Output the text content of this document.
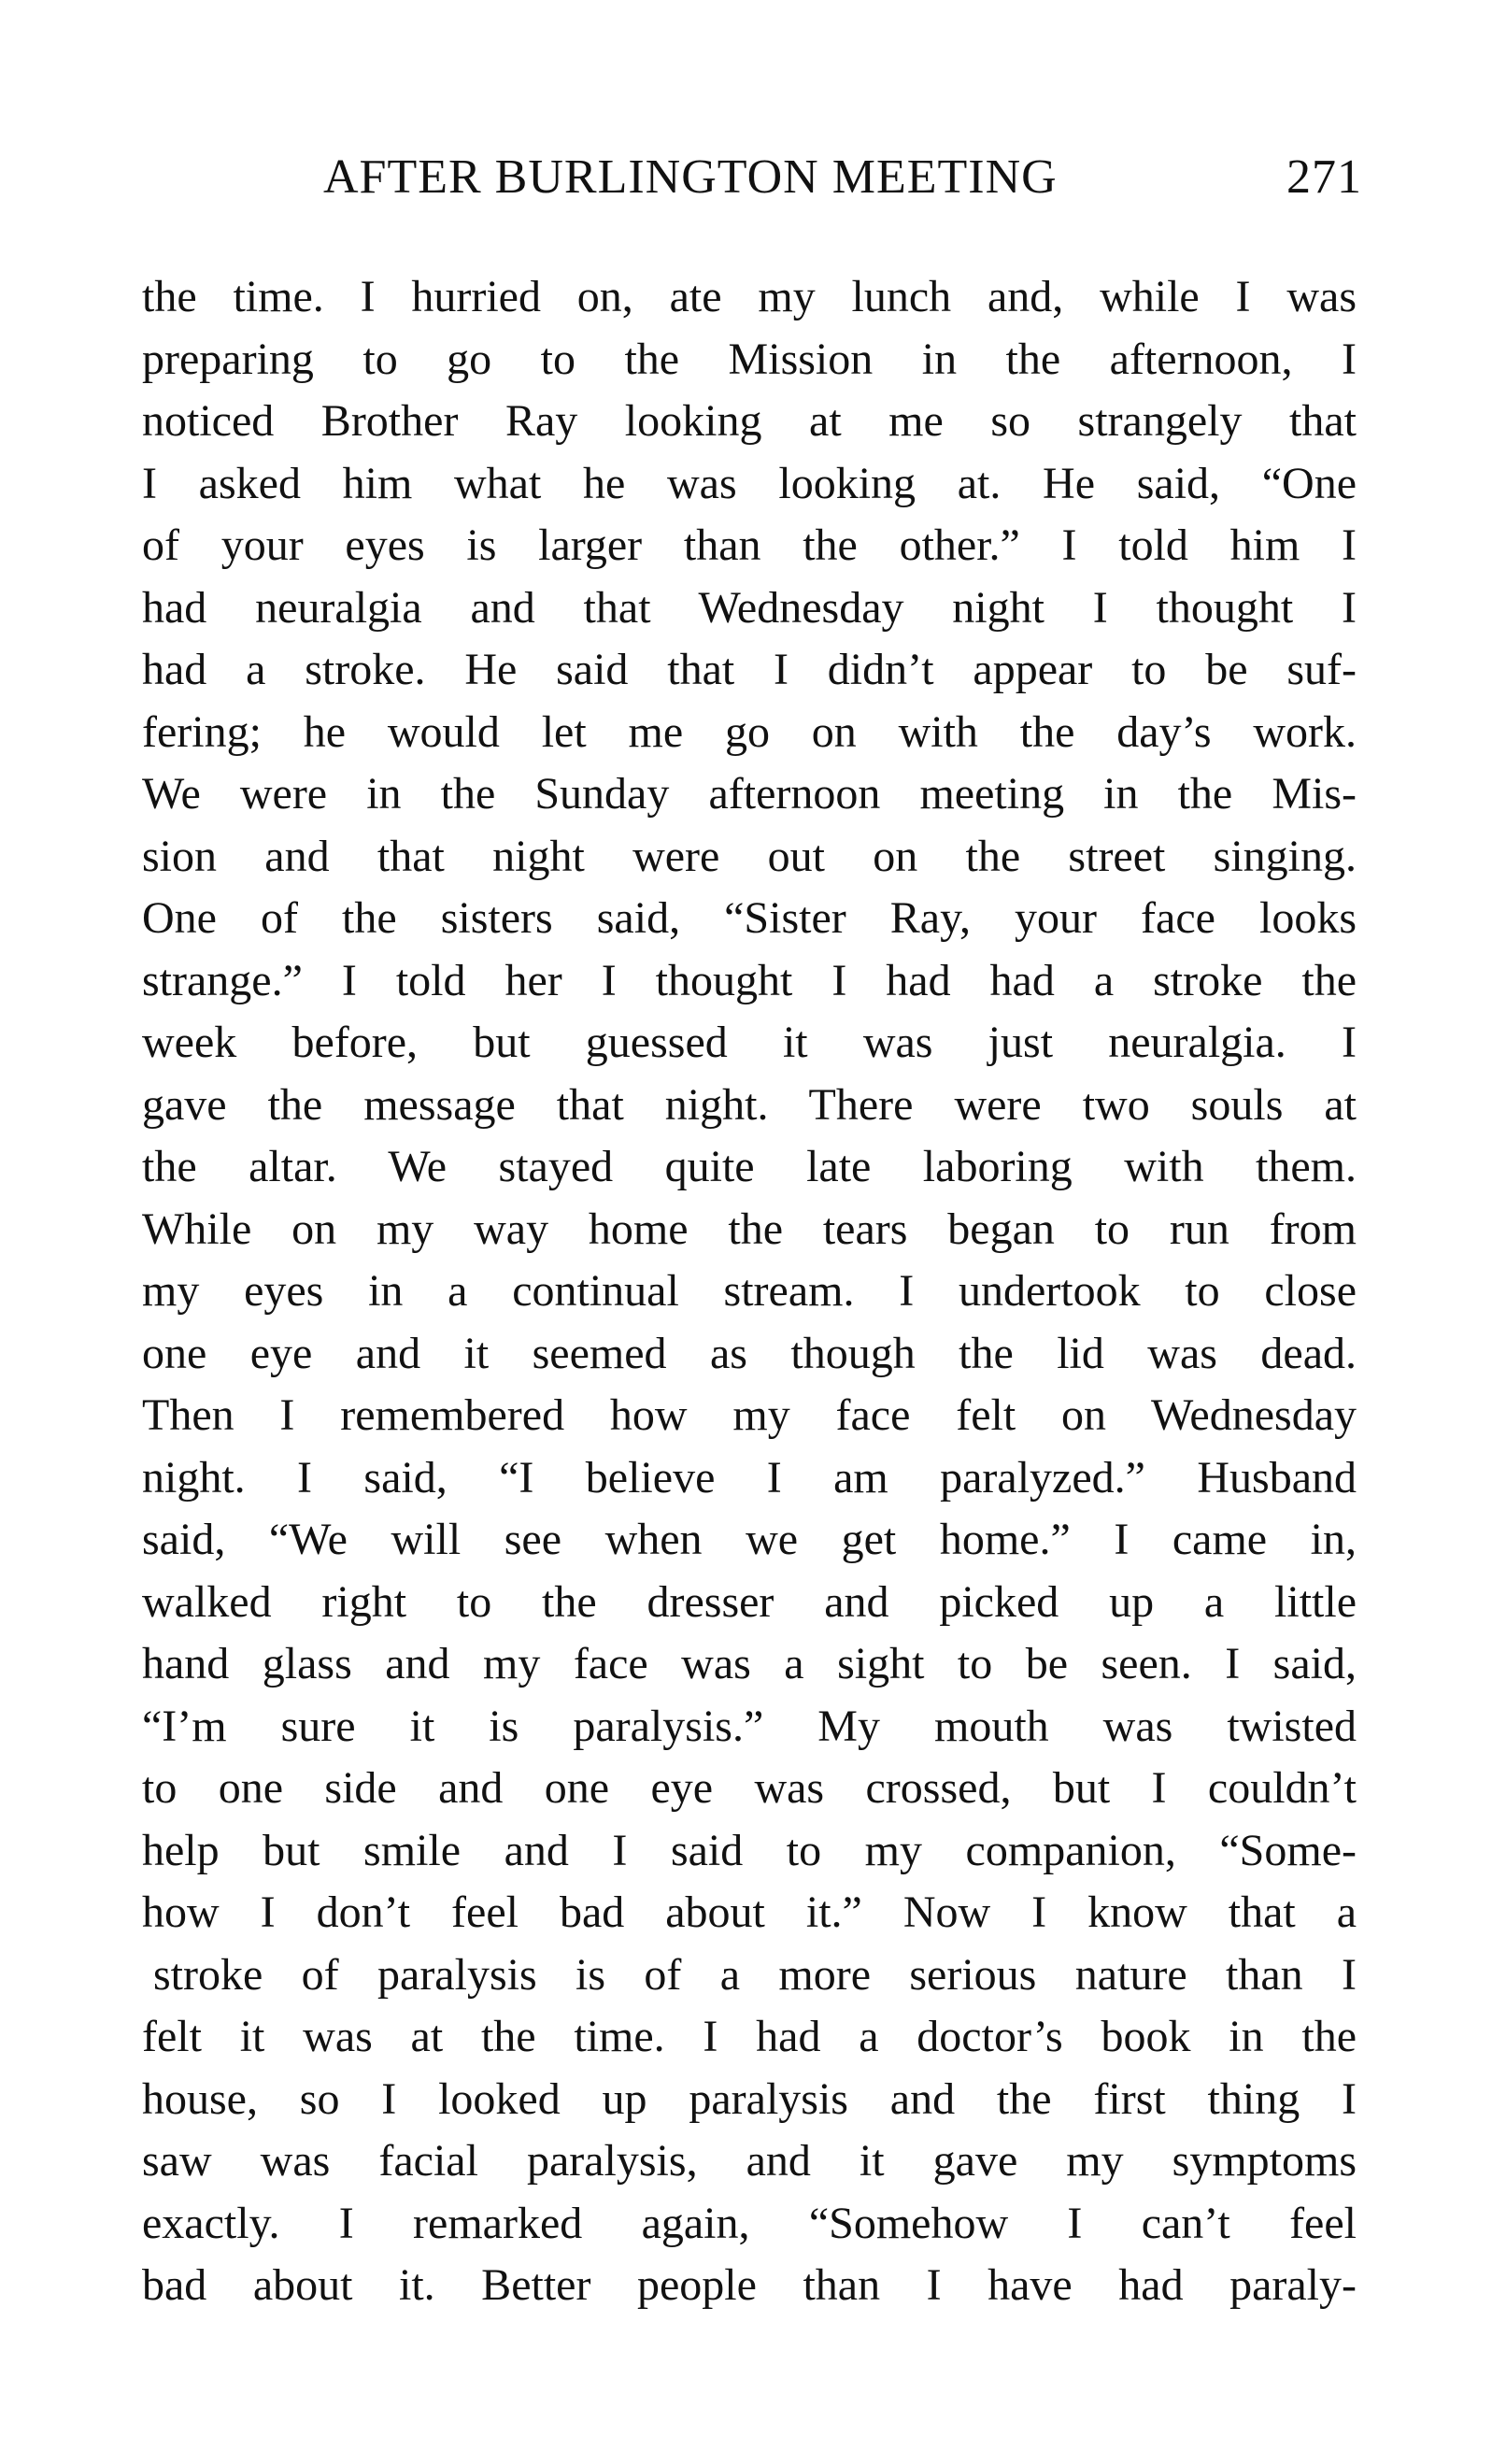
AFTER BURLINGTON MEETING	271
the time. I hurried on, ate my lunch and, while I was
preparing to go to the Mission in the afternoon, I
noticed Brother Ray looking at me so strangely that
I asked him what he was looking at. He said, “One
of your eyes is larger than the other.” I told him I
had neuralgia and that Wednesday night I thought I
had a stroke. He said that I didn’t appear to be suf-
fering; he would let me go on with the day’s work.
We were in the Sunday afternoon meeting in the Mis-
sion and that night were out on the street singing.
One of the sisters said, “Sister Ray, your face looks
strange.” I told her I thought I had had a stroke the
week before, but guessed it was just neuralgia. I
gave the message that night. There were two souls at
the altar. We stayed quite late laboring with them.
While on my way home the tears began to run from
my eyes in a continual stream. I undertook to close
one eye and it seemed as though the lid was dead.
Then I remembered how my face felt on Wednesday
night. I said, “I believe I am paralyzed.” Husband
said, “We will see when we get home.” I came in,
walked right to the dresser and picked up a little
hand glass and my face was a sight to be seen. I said,
“I’m sure it is paralysis.” My mouth was twisted
to one side and one eye was crossed, but I couldn’t
help but smile and I said to my companion, “Some-
how I don’t feel bad about it.” Now I know that a
stroke of paralysis is of a more serious nature than I
felt it was at the time. I had a doctor’s book in the
house, so I looked up paralysis and the first thing I
saw was facial paralysis, and it gave my symptoms
exactly. I remarked again, “Somehow I can’t feel
bad about it. Better people than I have had paraly-
